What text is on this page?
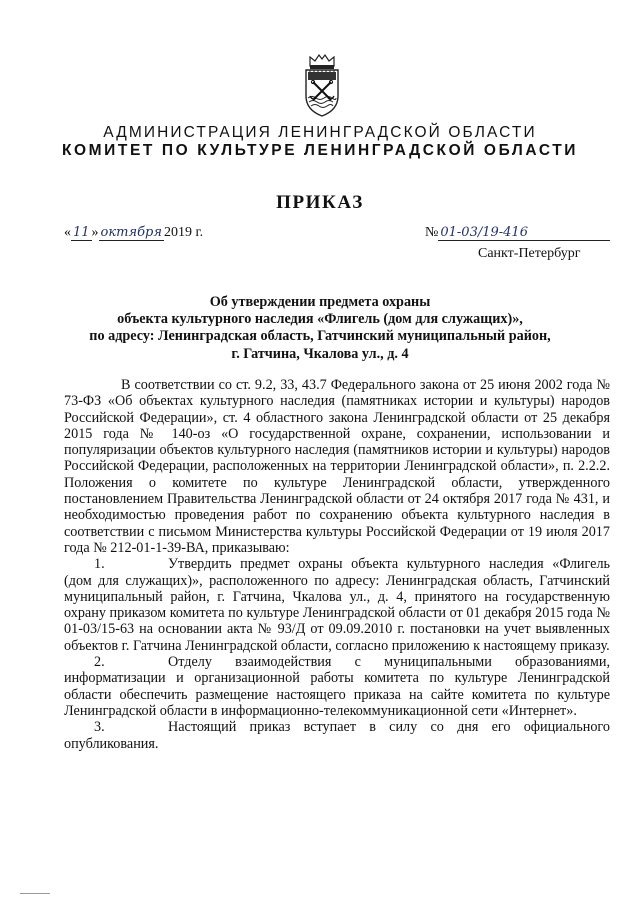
АДМИНИСТРАЦИЯ ЛЕНИНГРАДСКОЙ ОБЛАСТИ
КОМИТЕТ ПО КУЛЬТУРЕ ЛЕНИНГРАДСКОЙ ОБЛАСТИ
ПРИКАЗ
« 11 » октября 2019 г.	№ 01-03/19-416
Санкт-Петербург
Об утверждении предмета охраны
объекта культурного наследия «Флигель (дом для служащих)»,
по адресу: Ленинградская область, Гатчинский муниципальный район,
г. Гатчина, Чкалова ул., д. 4

В соответствии со ст. 9.2, 33, 43.7 Федерального закона от 25 июня 2002 года № 73-ФЗ «Об объектах культурного наследия (памятниках истории и культуры) народов Российской Федерации», ст. 4 областного закона Ленинградской области от 25 декабря 2015 года № 140-оз «О государственной охране, сохранении, использовании и популяризации объектов культурного наследия (памятников истории и культуры) народов Российской Федерации, расположенных на территории Ленинградской области», п. 2.2.2. Положения о комитете по культуре Ленинградской области, утвержденного постановлением Правительства Ленинградской области от 24 октября 2017 года № 431, и необходимостью проведения работ по сохранению объекта культурного наследия в соответствии с письмом Министерства культуры Российской Федерации от 19 июля 2017 года № 212-01-1-39-ВА, приказываю:

1.	Утвердить предмет охраны объекта культурного наследия «Флигель (дом для служащих)», расположенного по адресу: Ленинградская область, Гатчинский муниципальный район, г. Гатчина, Чкалова ул., д. 4, принятого на государственную охрану приказом комитета по культуре Ленинградской области от 01 декабря 2015 года № 01-03/15-63 на основании акта № 93/Д от 09.09.2010 г. постановки на учет выявленных объектов г. Гатчина Ленинградской области, согласно приложению к настоящему приказу.

2.	Отделу взаимодействия с муниципальными образованиями, информатизации и организационной работы комитета по культуре Ленинградской области обеспечить размещение настоящего приказа на сайте комитета по культуре Ленинградской области в информационно-телекоммуникационной сети «Интернет».

3.	Настоящий приказ вступает в силу со дня его официального опубликования.
